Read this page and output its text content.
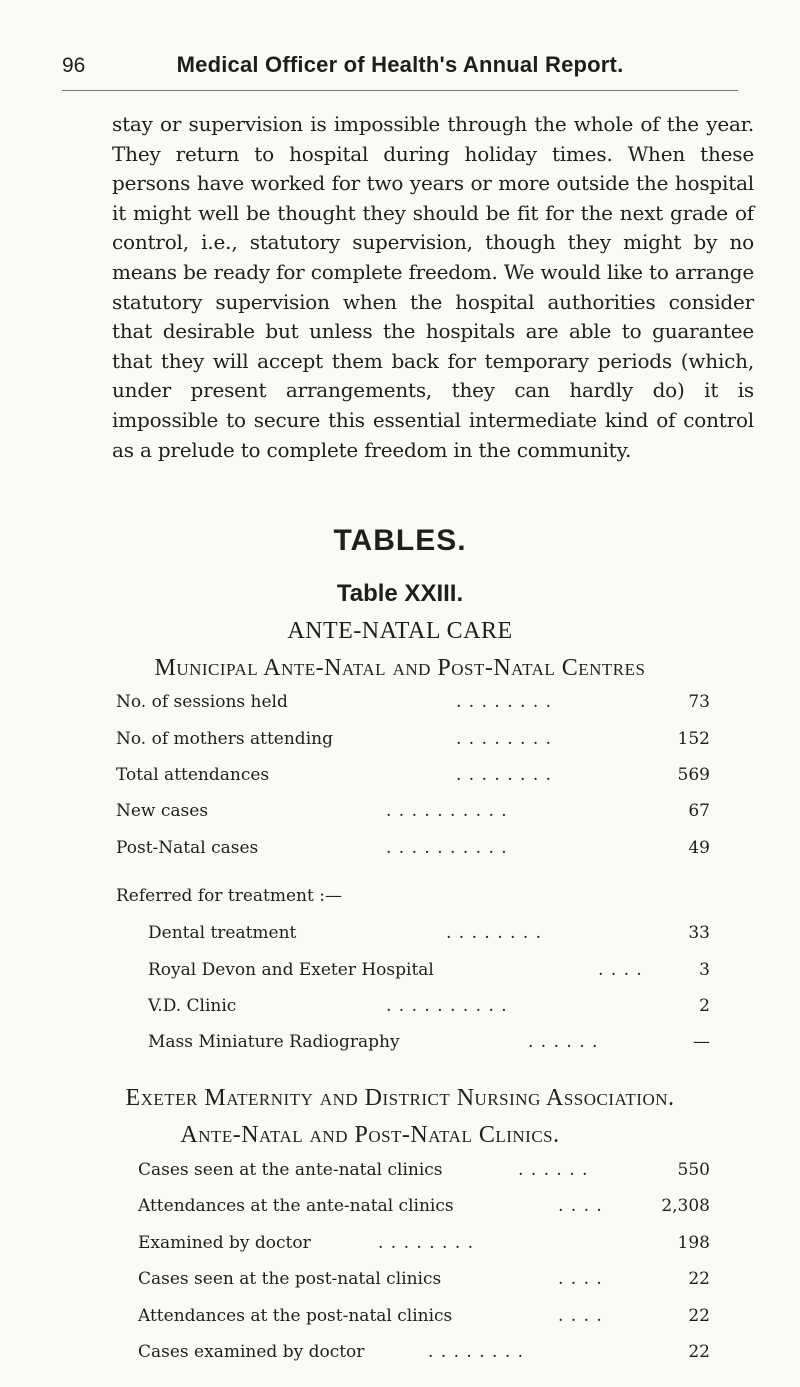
96	Medical Officer of Health's Annual Report.

stay or supervision is impossible through the whole of the year. They return to hospital during holiday times. When these persons have worked for two years or more outside the hospital it might well be thought they should be fit for the next grade of control, i.e., statutory supervision, though they might by no means be ready for complete freedom. We would like to arrange statutory supervision when the hospital authorities consider that desirable but unless the hospitals are able to guarantee that they will accept them back for temporary periods (which, under present arrangements, they can hardly do) it is impossible to secure this essential intermediate kind of control as a prelude to complete freedom in the community.

TABLES.
Table XXIII.
ANTE-NATAL CARE
Municipal Ante-Natal and Post-Natal Centres
No. of sessions held	. . . . . . . .	73
No. of mothers attending	. . . . . . . .	152
Total attendances	. . . . . . . .	569
New cases	. . . . . . . . . .	67
Post-Natal cases	. . . . . . . . . .	49
Referred for treatment :—
Dental treatment	. . . . . . . .	33
Royal Devon and Exeter Hospital	. . . .	3
V.D. Clinic	. . . . . . . . . .	2
Mass Miniature Radiography	. . . . . .	—
Exeter Maternity and District Nursing Association.
Ante-Natal and Post-Natal Clinics.
Cases seen at the ante-natal clinics	. . . . . .	550
Attendances at the ante-natal clinics	. . . .	2,308
Examined by doctor	. . . . . . . .	198
Cases seen at the post-natal clinics	. . . .	22
Attendances at the post-natal clinics	. . . .	22
Cases examined by doctor	. . . . . . . .	22
